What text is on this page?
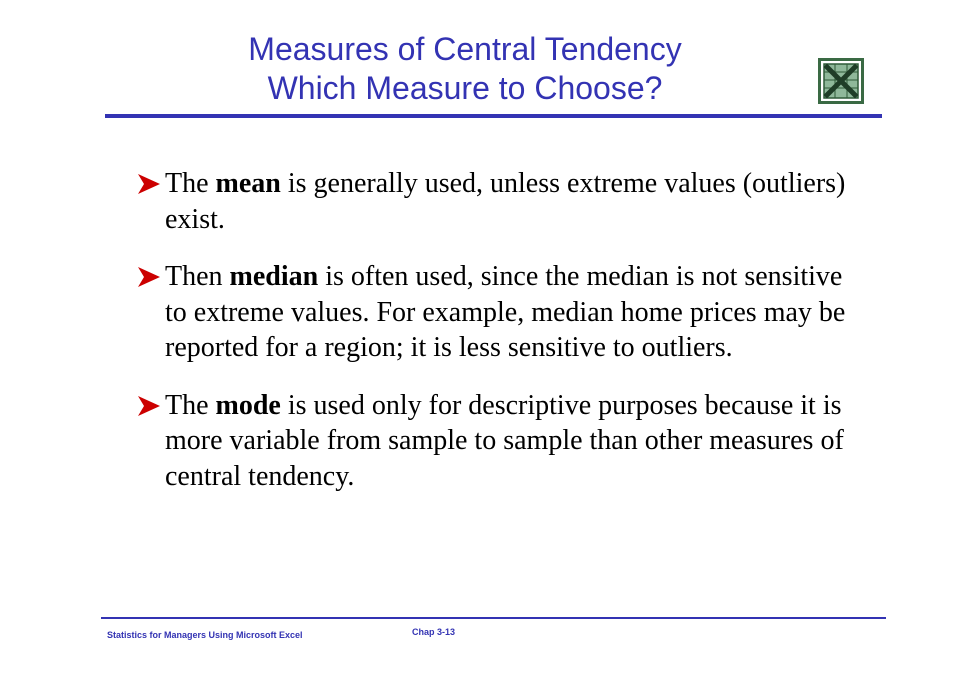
Measures of Central Tendency
Which Measure to Choose?
The mean is generally used, unless extreme values (outliers) exist.
Then median is often used, since the median is not sensitive to extreme values. For example, median home prices may be reported for a region; it is less sensitive to outliers.
The mode is used only for descriptive purposes because it is more variable from sample to sample than other measures of central tendency.
Statistics for Managers Using Microsoft Excel	Chap 3-13
